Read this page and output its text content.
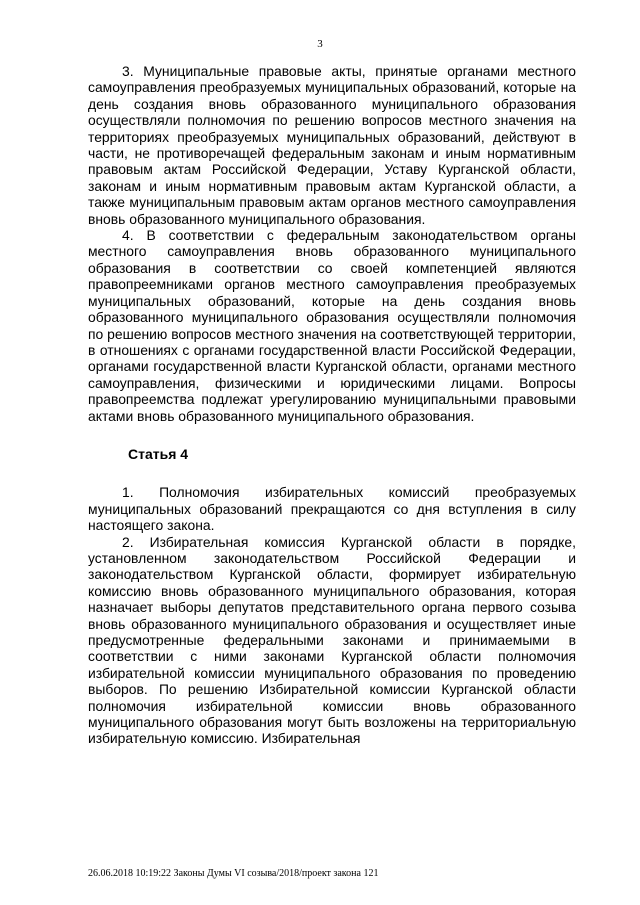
3

3. Муниципальные правовые акты, принятые органами местного самоуправления преобразуемых муниципальных образований, которые на день создания вновь образованного муниципального образования осуществляли полномочия по решению вопросов местного значения на территориях преобразуемых муниципальных образований, действуют в части, не противоречащей федеральным законам и иным нормативным правовым актам Российской Федерации, Уставу Курганской области, законам и иным нормативным правовым актам Курганской области, а также муниципальным правовым актам органов местного самоуправления вновь образованного муниципального образования.

4. В соответствии с федеральным законодательством органы местного самоуправления вновь образованного муниципального образования в соответствии со своей компетенцией являются правопреемниками органов местного самоуправления преобразуемых муниципальных образований, которые на день создания вновь образованного муниципального образования осуществляли полномочия по решению вопросов местного значения на соответствующей территории, в отношениях с органами государственной власти Российской Федерации, органами государственной власти Курганской области, органами местного самоуправления, физическими и юридическими лицами. Вопросы правопреемства подлежат урегулированию муниципальными правовыми актами вновь образованного муниципального образования.

Статья 4

1. Полномочия избирательных комиссий преобразуемых муниципальных образований прекращаются со дня вступления в силу настоящего закона.

2. Избирательная комиссия Курганской области в порядке, установленном законодательством Российской Федерации и законодательством Курганской области, формирует избирательную комиссию вновь образованного муниципального образования, которая назначает выборы депутатов представительного органа первого созыва вновь образованного муниципального образования и осуществляет иные предусмотренные федеральными законами и принимаемыми в соответствии с ними законами Курганской области полномочия избирательной комиссии муниципального образования по проведению выборов. По решению Избирательной комиссии Курганской области полномочия избирательной комиссии вновь образованного муниципального образования могут быть возложены на территориальную избирательную комиссию. Избирательная

26.06.2018 10:19:22 Законы Думы VI созыва/2018/проект закона 121
